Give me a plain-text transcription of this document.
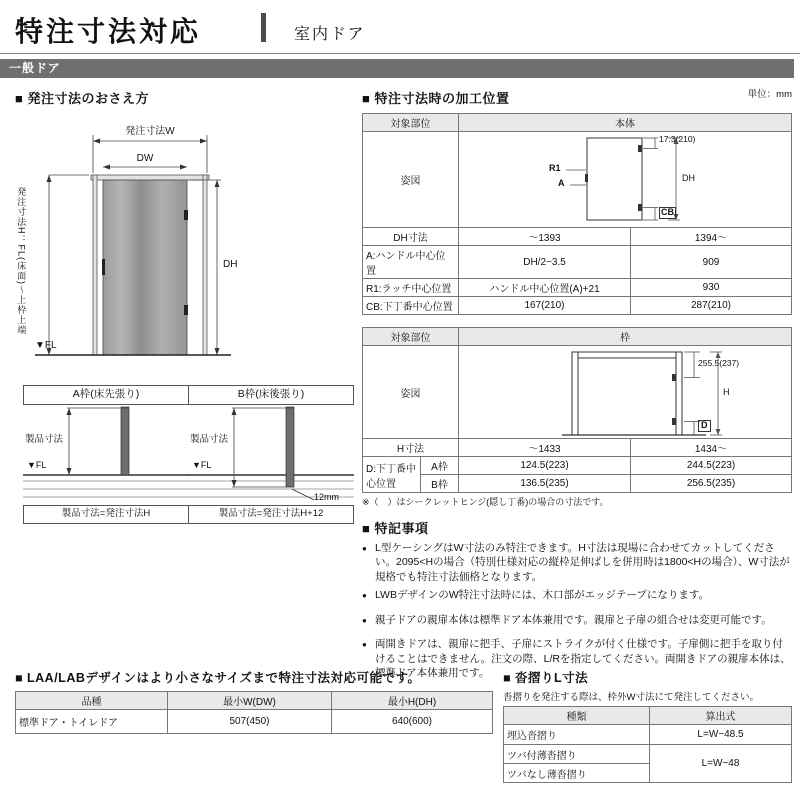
特注寸法対応	室内ドア
一般ドア
■ 発注寸法のおさえ方
発注寸法W
DW
DH
発注寸法H：FL(床面)〜上枠上端
▼FL
A枠(床先張り)
製品寸法
▼FL
製品寸法=発注寸法H
B枠(床後張り)
製品寸法
▼FL
12mm
製品寸法=発注寸法H+12
■ 特注寸法時の加工位置	単位：mm
対象部位	本体	
姿図	17.3(210)
R1
A DH
CB	

DH寸法	〜1393	1394〜
A:ハンドル中心位置	DH/2−3.5	909
R1:ラッチ中心位置	ハンドル中心位置(A)+21	930
CB:下丁番中心位置	167(210)	287(210)
対象部位		枠	
姿図		255.5(237)
H
D	

H寸法		〜1433	1434〜
D:下丁番中心位置	A枠	124.5(223)	244.5(223)
	B枠	136.5(235)	256.5(235)
※（　）はシークレットヒンジ(隠し丁番)の場合の寸法です。
■ 特記事項
● L型ケーシングはW寸法のみ特注できます。H寸法は現場に合わせてカットしてください。2095<Hの場合（特別仕様対応の縦枠足伸ばしを併用時は1800<Hの場合）、W寸法が規格でも特注寸法価格となります。
● LWBデザインのW特注寸法時には、木口部がエッジテープになります。
● 親子ドアの親扉本体は標準ドア本体兼用です。親扉と子扉の組合せは変更可能です。
● 両開きドアは、親扉に把手、子扉にストライクが付く仕様です。子扉側に把手を取り付けることはできません。注文の際、L/Rを指定してください。両開きドアの親扉本体は、標準ドア本体兼用です。
■ LAA/LABデザインはより小さなサイズまで特注寸法対応可能です。
品種	最小W(DW)	最小H(DH)
標準ドア・トイレドア	507(450)	640(600)
■ 沓摺りL寸法
沓摺りを発注する際は、枠外W寸法にて発注してください。
種類	算出式
埋込沓摺り	L=W−48.5
ツバ付薄沓摺り	L=W−48
ツバなし薄沓摺り	
